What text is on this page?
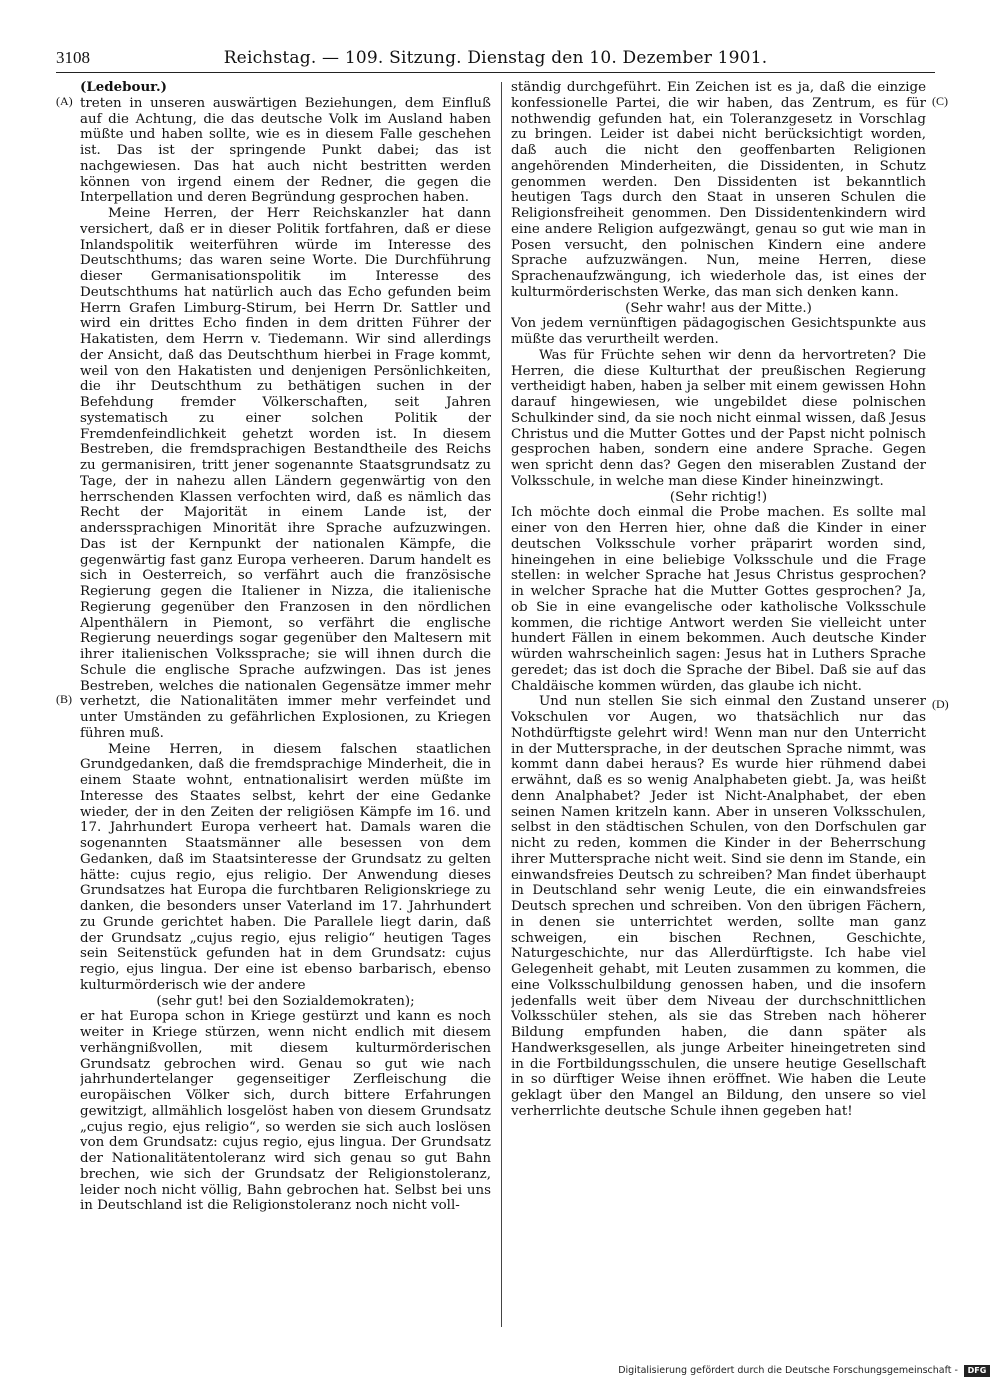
3108	Reichstag. — 109. Sitzung. Dienstag den 10. Dezember 1901.
(A)
(B)
(C)
(D)

(Ledebour.)

treten in unseren auswärtigen Beziehungen, dem Einfluß auf die Achtung, die das deutsche Volk im Ausland haben müßte und haben sollte, wie es in diesem Falle geschehen ist. Das ist der springende Punkt dabei; das ist nachgewiesen. Das hat auch nicht bestritten werden können von irgend einem der Redner, die gegen die Interpellation und deren Begründung gesprochen haben.

Meine Herren, der Herr Reichskanzler hat dann versichert, daß er in dieser Politik fortfahren, daß er diese Inlandspolitik weiterführen würde im Interesse des Deutschthums; das waren seine Worte. Die Durchführung dieser Germanisationspolitik im Interesse des Deutschthums hat natürlich auch das Echo gefunden beim Herrn Grafen Limburg-Stirum, bei Herrn Dr. Sattler und wird ein drittes Echo finden in dem dritten Führer der Hakatisten, dem Herrn v. Tiedemann. Wir sind allerdings der Ansicht, daß das Deutschthum hierbei in Frage kommt, weil von den Hakatisten und denjenigen Persönlichkeiten, die ihr Deutschthum zu bethätigen suchen in der Befehdung fremder Völkerschaften, seit Jahren systematisch zu einer solchen Politik der Fremdenfeindlichkeit gehetzt worden ist. In diesem Bestreben, die fremdsprachigen Bestandtheile des Reichs zu germanisiren, tritt jener sogenannte Staatsgrundsatz zu Tage, der in nahezu allen Ländern gegenwärtig von den herrschenden Klassen verfochten wird, daß es nämlich das Recht der Majorität in einem Lande ist, der anderssprachigen Minorität ihre Sprache aufzuzwingen. Das ist der Kernpunkt der nationalen Kämpfe, die gegenwärtig fast ganz Europa verheeren. Darum handelt es sich in Oesterreich, so verfährt auch die französische Regierung gegen die Italiener in Nizza, die italienische Regierung gegenüber den Franzosen in den nördlichen Alpenthälern in Piemont, so verfährt die englische Regierung neuerdings sogar gegenüber den Maltesern mit ihrer italienischen Volkssprache; sie will ihnen durch die Schule die englische Sprache aufzwingen. Das ist jenes Bestreben, welches die nationalen Gegensätze immer mehr verhetzt, die Nationalitäten immer mehr verfeindet und unter Umständen zu gefährlichen Explosionen, zu Kriegen führen muß.

Meine Herren, in diesem falschen staatlichen Grundgedanken, daß die fremdsprachige Minderheit, die in einem Staate wohnt, entnationalisirt werden müßte im Interesse des Staates selbst, kehrt der eine Gedanke wieder, der in den Zeiten der religiösen Kämpfe im 16. und 17. Jahrhundert Europa verheert hat. Damals waren die sogenannten Staatsmänner alle besessen von dem Gedanken, daß im Staatsinteresse der Grundsatz zu gelten hätte: cujus regio, ejus religio. Der Anwendung dieses Grundsatzes hat Europa die furchtbaren Religionskriege zu danken, die besonders unser Vaterland im 17. Jahrhundert zu Grunde gerichtet haben. Die Parallele liegt darin, daß der Grundsatz „cujus regio, ejus religio“ heutigen Tages sein Seitenstück gefunden hat in dem Grundsatz: cujus regio, ejus lingua. Der eine ist ebenso barbarisch, ebenso kulturmörderisch wie der andere

(sehr gut! bei den Sozialdemokraten);

er hat Europa schon in Kriege gestürzt und kann es noch weiter in Kriege stürzen, wenn nicht endlich mit diesem verhängnißvollen, mit diesem kulturmörderischen Grundsatz gebrochen wird. Genau so gut wie nach jahrhundertelanger gegenseitiger Zerfleischung die europäischen Völker sich, durch bittere Erfahrungen gewitzigt, allmählich losgelöst haben von diesem Grundsatz „cujus regio, ejus religio“, so werden sie sich auch loslösen von dem Grundsatz: cujus regio, ejus lingua. Der Grundsatz der Nationalitätentoleranz wird sich genau so gut Bahn brechen, wie sich der Grundsatz der Religionstoleranz, leider noch nicht völlig, Bahn gebrochen hat. Selbst bei uns in Deutschland ist die Religionstoleranz noch nicht voll-

ständig durchgeführt. Ein Zeichen ist es ja, daß die einzige konfessionelle Partei, die wir haben, das Zentrum, es für nothwendig gefunden hat, ein Toleranzgesetz in Vorschlag zu bringen. Leider ist dabei nicht berücksichtigt worden, daß auch die nicht den geoffenbarten Religionen angehörenden Minderheiten, die Dissidenten, in Schutz genommen werden. Den Dissidenten ist bekanntlich heutigen Tags durch den Staat in unseren Schulen die Religionsfreiheit genommen. Den Dissidentenkindern wird eine andere Religion aufgezwängt, genau so gut wie man in Posen versucht, den polnischen Kindern eine andere Sprache aufzuzwängen. Nun, meine Herren, diese Sprachenaufzwängung, ich wiederhole das, ist eines der kulturmörderischsten Werke, das man sich denken kann.

(Sehr wahr! aus der Mitte.)

Von jedem vernünftigen pädagogischen Gesichtspunkte aus müßte das verurtheilt werden.

Was für Früchte sehen wir denn da hervortreten? Die Herren, die diese Kulturthat der preußischen Regierung vertheidigt haben, haben ja selber mit einem gewissen Hohn darauf hingewiesen, wie ungebildet diese polnischen Schulkinder sind, da sie noch nicht einmal wissen, daß Jesus Christus und die Mutter Gottes und der Papst nicht polnisch gesprochen haben, sondern eine andere Sprache. Gegen wen spricht denn das? Gegen den miserablen Zustand der Volksschule, in welche man diese Kinder hineinzwingt.

(Sehr richtig!)

Ich möchte doch einmal die Probe machen. Es sollte mal einer von den Herren hier, ohne daß die Kinder in einer deutschen Volksschule vorher präparirt worden sind, hineingehen in eine beliebige Volksschule und die Frage stellen: in welcher Sprache hat Jesus Christus gesprochen? in welcher Sprache hat die Mutter Gottes gesprochen? Ja, ob Sie in eine evangelische oder katholische Volksschule kommen, die richtige Antwort werden Sie vielleicht unter hundert Fällen in einem bekommen. Auch deutsche Kinder würden wahrscheinlich sagen: Jesus hat in Luthers Sprache geredet; das ist doch die Sprache der Bibel. Daß sie auf das Chaldäische kommen würden, das glaube ich nicht.

Und nun stellen Sie sich einmal den Zustand unserer Vokschulen vor Augen, wo thatsächlich nur das Nothdürftigste gelehrt wird! Wenn man nur den Unterricht in der Muttersprache, in der deutschen Sprache nimmt, was kommt dann dabei heraus? Es wurde hier rühmend dabei erwähnt, daß es so wenig Analphabeten giebt. Ja, was heißt denn Analphabet? Jeder ist Nicht-Analphabet, der eben seinen Namen kritzeln kann. Aber in unseren Volksschulen, selbst in den städtischen Schulen, von den Dorfschulen gar nicht zu reden, kommen die Kinder in der Beherrschung ihrer Muttersprache nicht weit. Sind sie denn im Stande, ein einwandsfreies Deutsch zu schreiben? Man findet überhaupt in Deutschland sehr wenig Leute, die ein einwandsfreies Deutsch sprechen und schreiben. Von den übrigen Fächern, in denen sie unterrichtet werden, sollte man ganz schweigen, ein bischen Rechnen, Geschichte, Naturgeschichte, nur das Allerdürftigste. Ich habe viel Gelegenheit gehabt, mit Leuten zusammen zu kommen, die eine Volksschulbildung genossen haben, und die insofern jedenfalls weit über dem Niveau der durchschnittlichen Volksschüler stehen, als sie das Streben nach höherer Bildung empfunden haben, die dann später als Handwerksgesellen, als junge Arbeiter hineingetreten sind in die Fortbildungsschulen, die unsere heutige Gesellschaft in so dürftiger Weise ihnen eröffnet. Wie haben die Leute geklagt über den Mangel an Bildung, den unsere so viel verherrlichte deutsche Schule ihnen gegeben hat!

Digitalisierung gefördert durch die Deutsche Forschungsgemeinschaft - DFG
